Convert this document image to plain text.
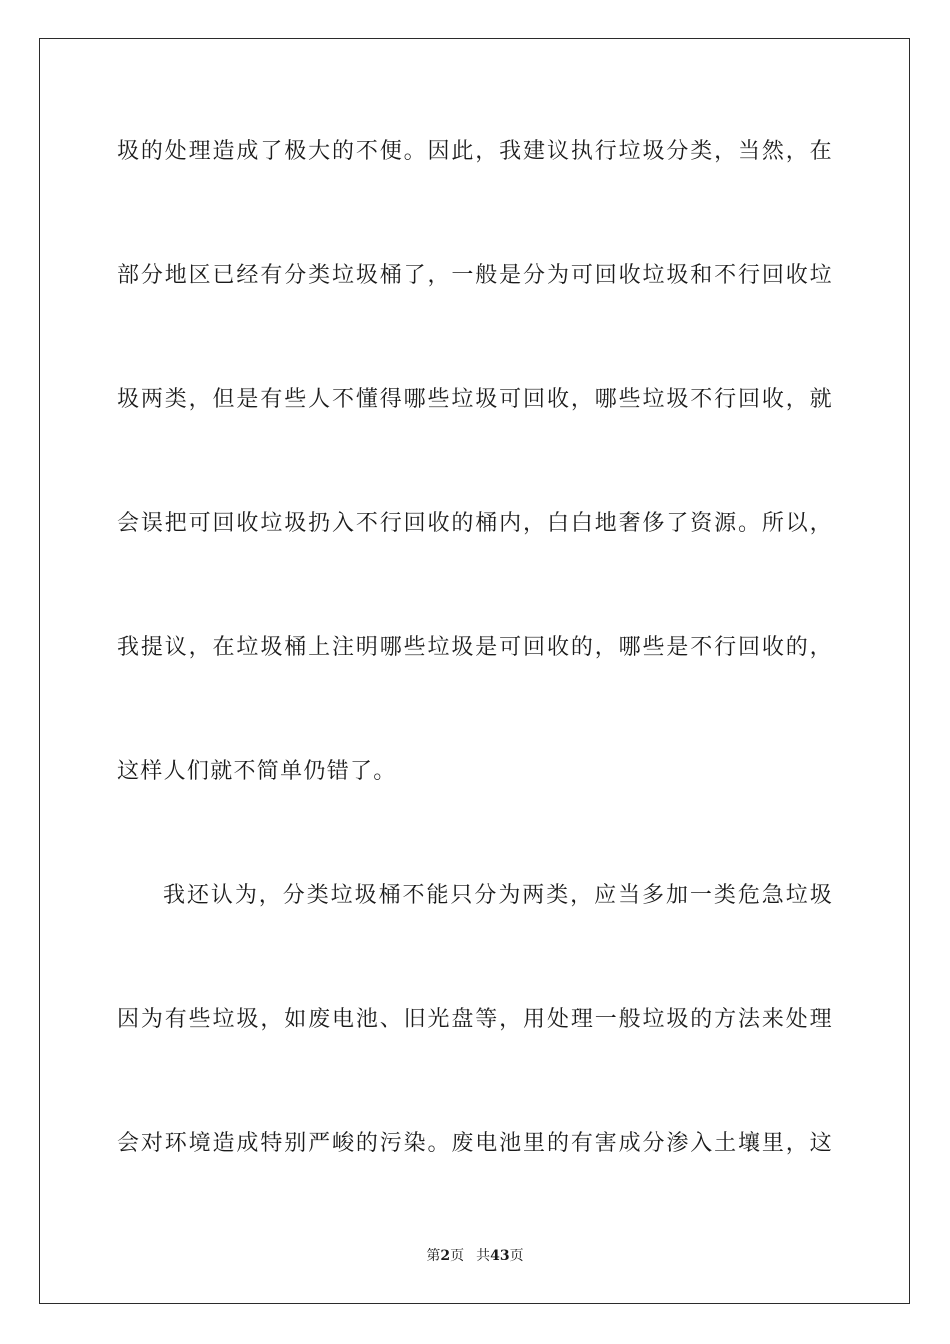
圾的处理造成了极大的不便。因此，我建议执行垃圾分类，当然，在

部分地区已经有分类垃圾桶了，一般是分为可回收垃圾和不行回收垃

圾两类，但是有些人不懂得哪些垃圾可回收，哪些垃圾不行回收，就

会误把可回收垃圾扔入不行回收的桶内，白白地奢侈了资源。所以，

我提议，在垃圾桶上注明哪些垃圾是可回收的，哪些是不行回收的，

这样人们就不简单仍错了。

我还认为，分类垃圾桶不能只分为两类，应当多加一类危急垃圾

因为有些垃圾，如废电池、旧光盘等，用处理一般垃圾的方法来处理

会对环境造成特别严峻的污染。废电池里的有害成分渗入土壤里，这

第2页 共43页
